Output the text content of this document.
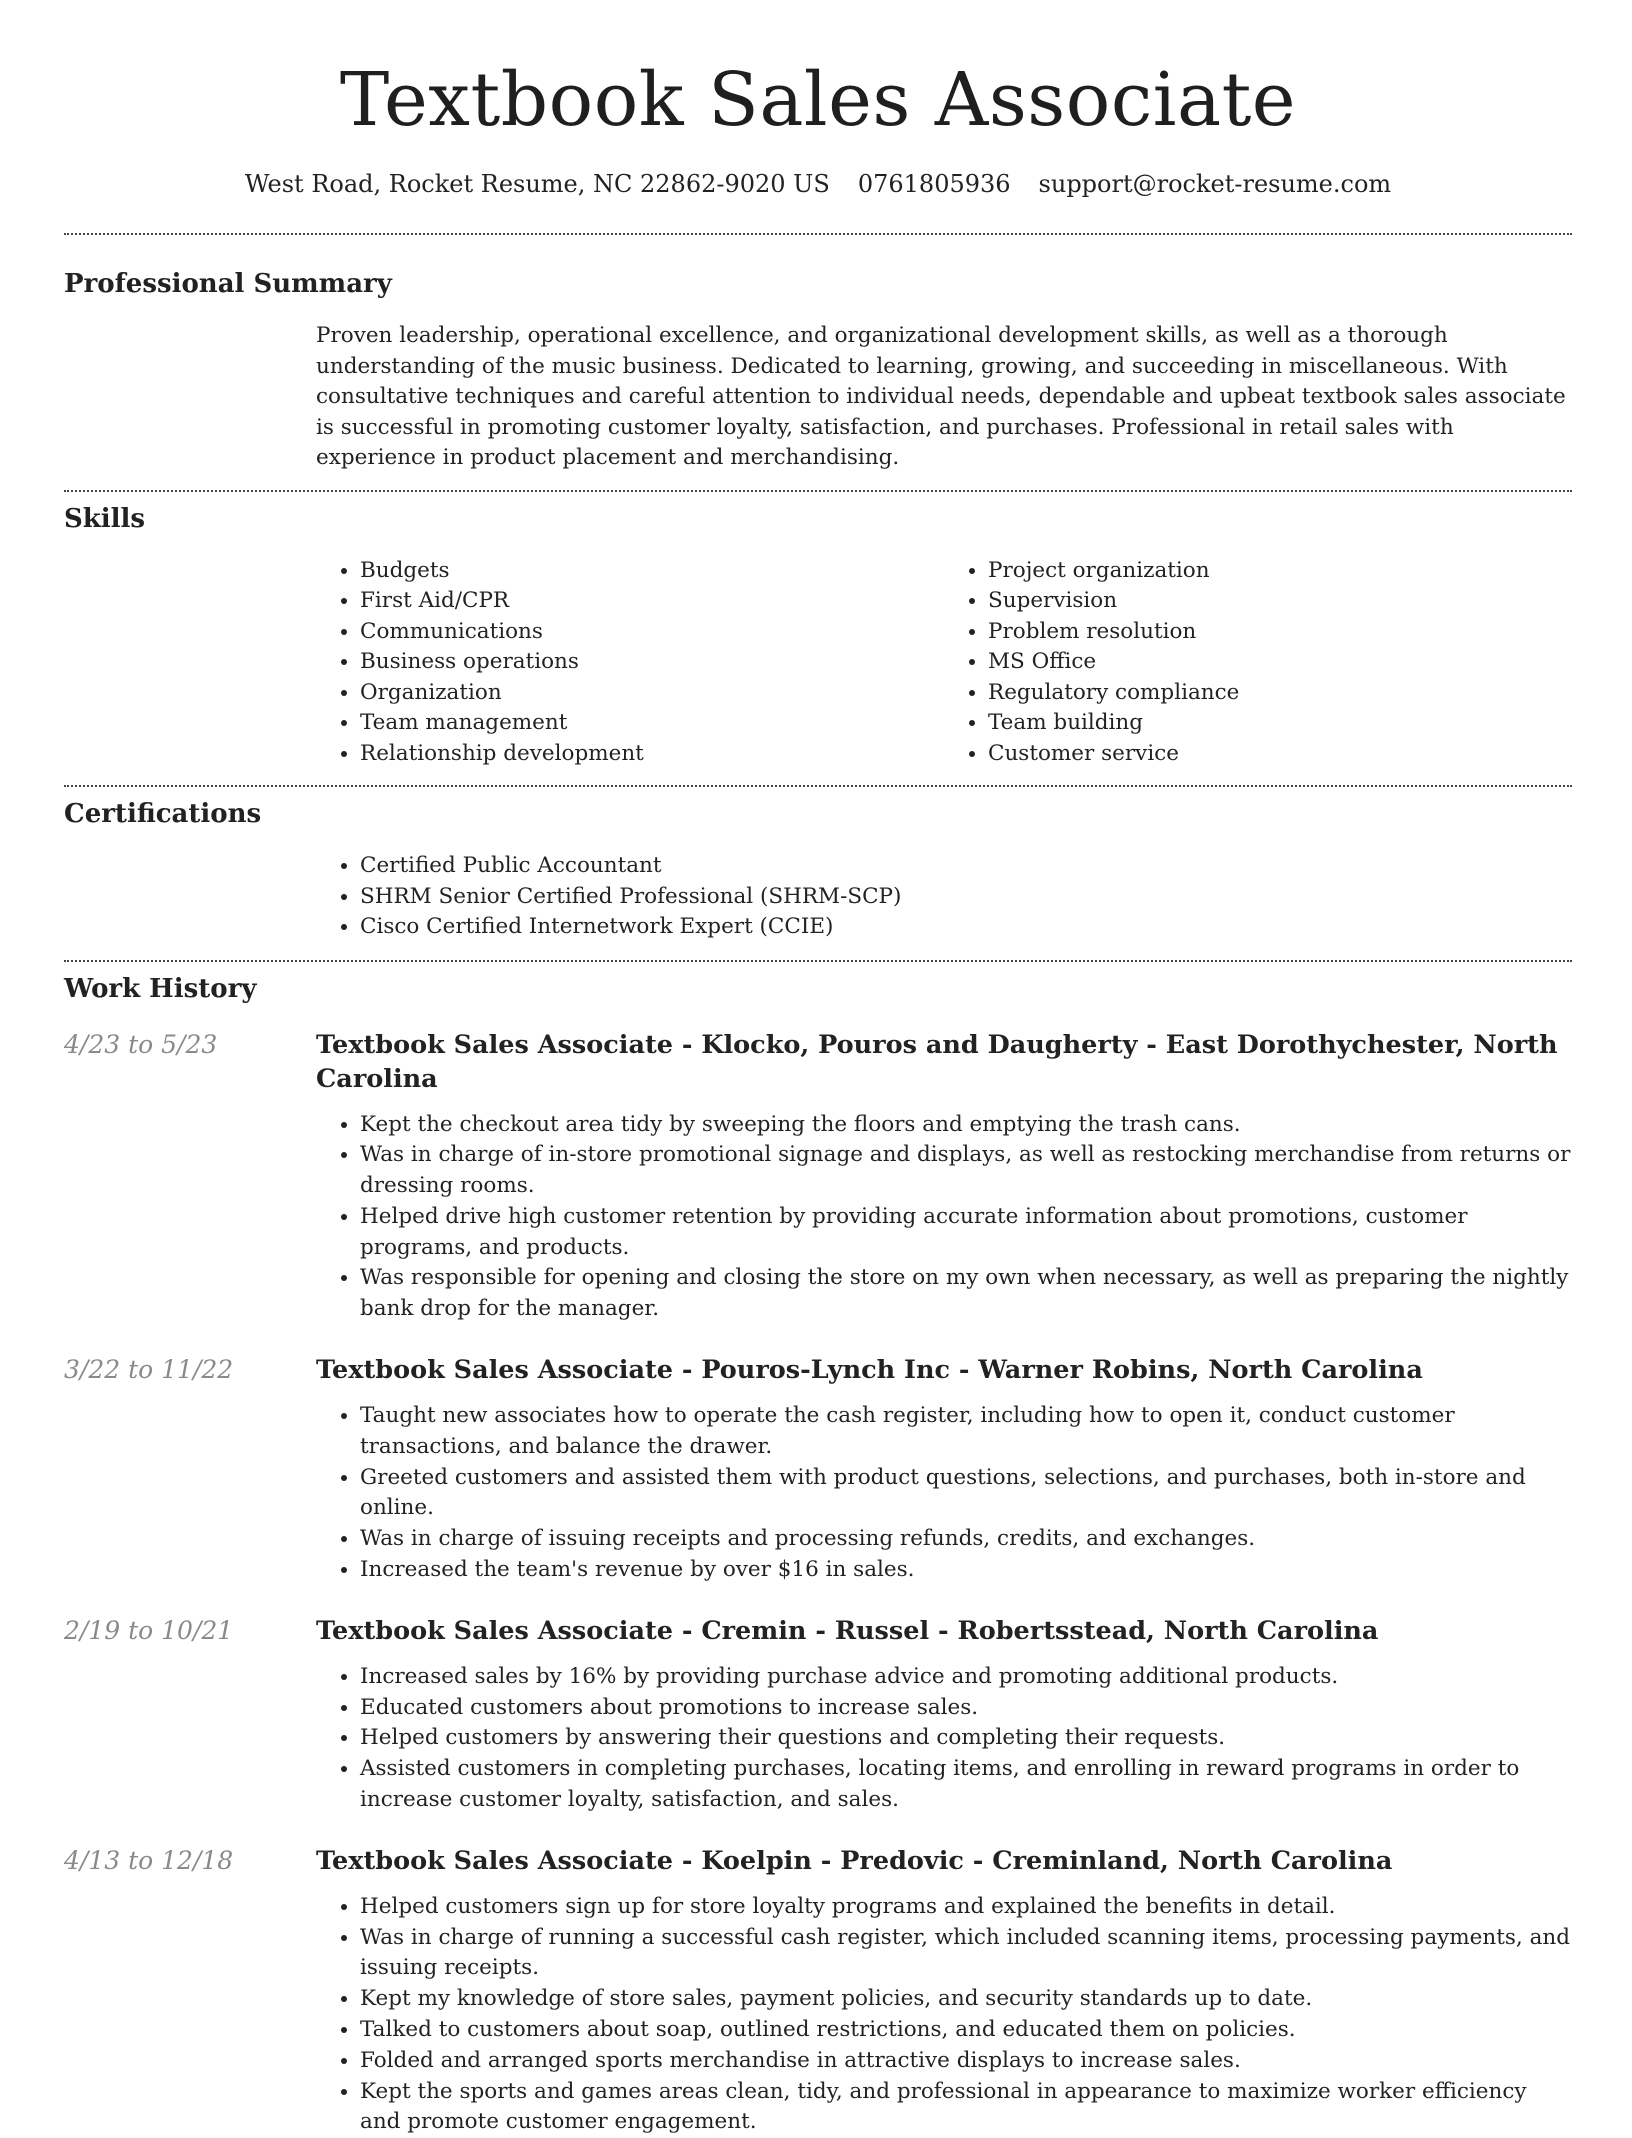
Textbook Sales Associate
West Road, Rocket Resume, NC 22862-9020 US 0761805936 support@rocket-resume.com
Professional Summary

Proven leadership, operational excellence, and organizational development skills, as well as a thorough understanding of the music business. Dedicated to learning, growing, and succeeding in miscellaneous. With consultative techniques and careful attention to individual needs, dependable and upbeat textbook sales associate is successful in promoting customer loyalty, satisfaction, and purchases. Professional in retail sales with experience in product placement and merchandising.

Skills
• Budgets
• First Aid/CPR
• Communications
• Business operations
• Organization
• Team management
• Relationship development
• Project organization
• Supervision
• Problem resolution
• MS Office
• Regulatory compliance
• Team building
• Customer service
Certifications
• Certified Public Accountant
• SHRM Senior Certified Professional (SHRM-SCP)
• Cisco Certified Internetwork Expert (CCIE)
Work History
4/23 to 5/23	Textbook Sales Associate - Klocko, Pouros and Daugherty - East Dorothychester, North Carolina
• Kept the checkout area tidy by sweeping the floors and emptying the trash cans.
• Was in charge of in-store promotional signage and displays, as well as restocking merchandise from returns or dressing rooms.
• Helped drive high customer retention by providing accurate information about promotions, customer programs, and products.
• Was responsible for opening and closing the store on my own when necessary, as well as preparing the nightly bank drop for the manager.
3/22 to 11/22	Textbook Sales Associate - Pouros-Lynch Inc - Warner Robins, North Carolina
• Taught new associates how to operate the cash register, including how to open it, conduct customer transactions, and balance the drawer.
• Greeted customers and assisted them with product questions, selections, and purchases, both in-store and online.
• Was in charge of issuing receipts and processing refunds, credits, and exchanges.
• Increased the team's revenue by over $16 in sales.
2/19 to 10/21	Textbook Sales Associate - Cremin - Russel - Robertsstead, North Carolina
• Increased sales by 16% by providing purchase advice and promoting additional products.
• Educated customers about promotions to increase sales.
• Helped customers by answering their questions and completing their requests.
• Assisted customers in completing purchases, locating items, and enrolling in reward programs in order to increase customer loyalty, satisfaction, and sales.
4/13 to 12/18	Textbook Sales Associate - Koelpin - Predovic - Creminland, North Carolina
• Helped customers sign up for store loyalty programs and explained the benefits in detail.
• Was in charge of running a successful cash register, which included scanning items, processing payments, and issuing receipts.
• Kept my knowledge of store sales, payment policies, and security standards up to date.
• Talked to customers about soap, outlined restrictions, and educated them on policies.
• Folded and arranged sports merchandise in attractive displays to increase sales.
• Kept the sports and games areas clean, tidy, and professional in appearance to maximize worker efficiency and promote customer engagement.
